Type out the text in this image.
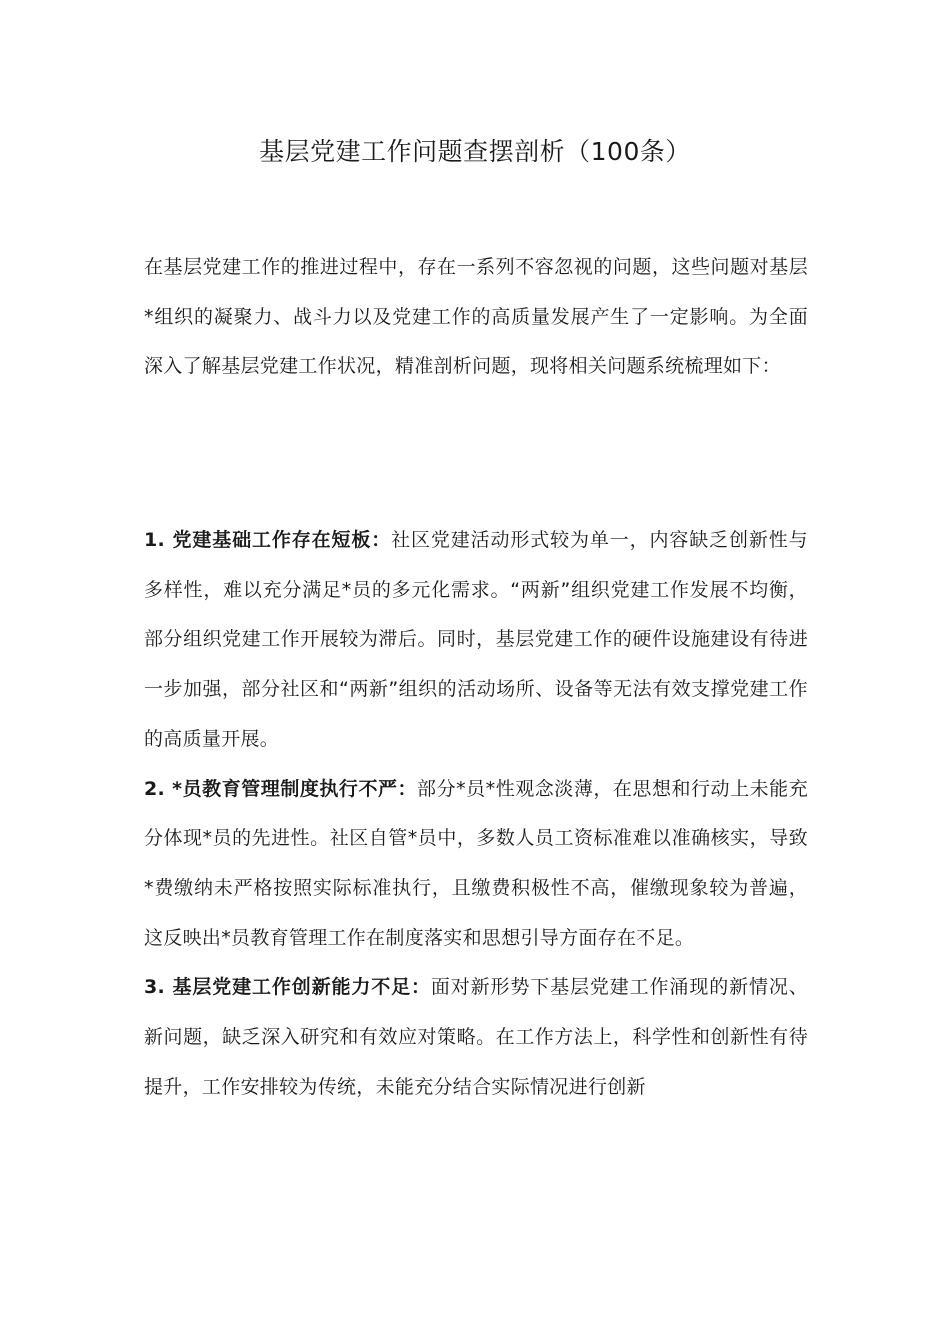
基层党建工作问题查摆剖析（100条）

在基层党建工作的推进过程中，存在一系列不容忽视的问题，这些问题对基层*组织的凝聚力、战斗力以及党建工作的高质量发展产生了一定影响。为全面深入了解基层党建工作状况，精准剖析问题，现将相关问题系统梳理如下：

1. 党建基础工作存在短板：社区党建活动形式较为单一，内容缺乏创新性与多样性，难以充分满足*员的多元化需求。“两新”组织党建工作发展不均衡，部分组织党建工作开展较为滞后。同时，基层党建工作的硬件设施建设有待进一步加强，部分社区和“两新”组织的活动场所、设备等无法有效支撑党建工作的高质量开展。

2. *员教育管理制度执行不严：部分*员*性观念淡薄，在思想和行动上未能充分体现*员的先进性。社区自管*员中，多数人员工资标准难以准确核实，导致*费缴纳未严格按照实际标准执行，且缴费积极性不高，催缴现象较为普遍，这反映出*员教育管理工作在制度落实和思想引导方面存在不足。

3. 基层党建工作创新能力不足：面对新形势下基层党建工作涌现的新情况、新问题，缺乏深入研究和有效应对策略。在工作方法上，科学性和创新性有待提升，工作安排较为传统，未能充分结合实际情况进行创新
